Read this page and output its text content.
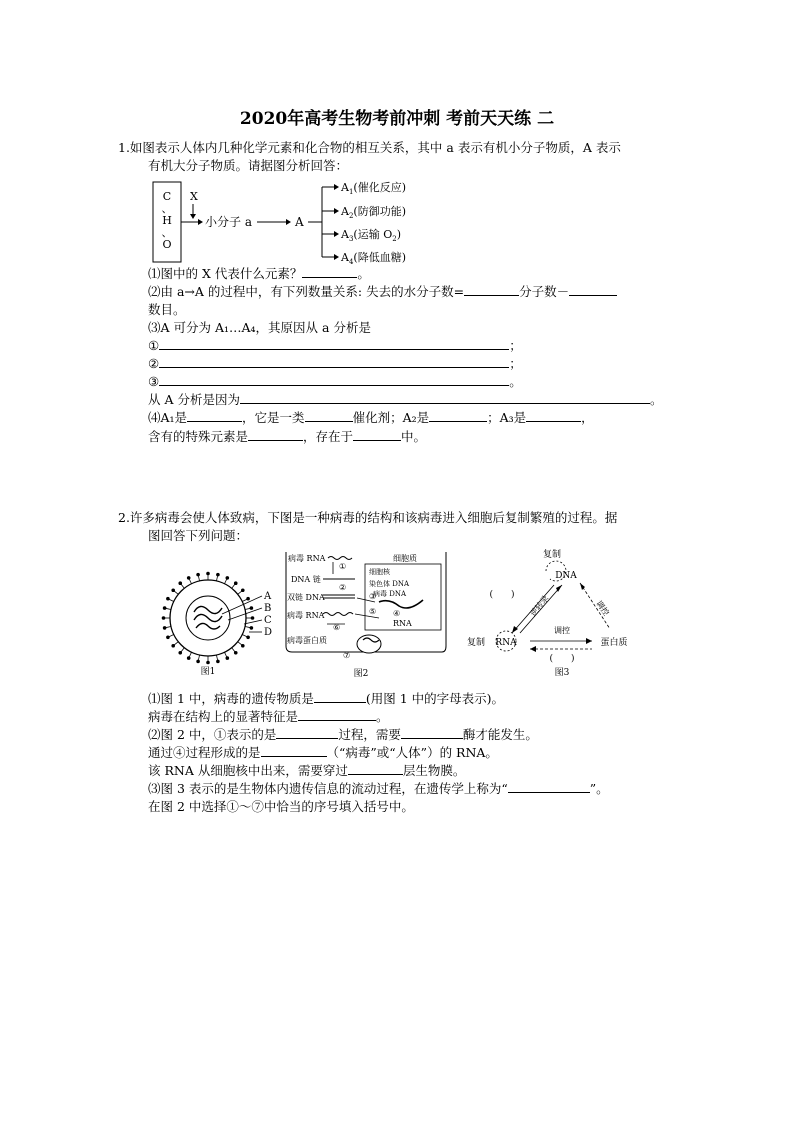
2020年高考生物考前冲刺 考前天天练 二
1.如图表示人体内几种化学元素和化合物的相互关系，其中 a 表示有机小分子物质，A 表示
有机大分子物质。请据图分析回答：
C
、
H
、
O
X
小分子 a	A
$A_1$(催化反应)
$A_2$(防御功能)
$A_3$(运输 $O_2$)
$A_4$(降低血糖)
⑴图中的 X 代表什么元素？	。
⑵由 a→A 的过程中，有下列数量关系: 失去的水分子数=	分子数－
数目。
⑶A 可分为 A₁…A₄，其原因从 a 分析是
①	；
②	；
③	。
从 A 分析是因为	。
⑷A₁是	，它是一类	催化剂；A₂是	；A₃是	，
含有的特殊元素是	，存在于	中。
2.许多病毒会使人体致病，下图是一种病毒的结构和该病毒进入细胞后复制繁殖的过程。据
图回答下列问题：
A
B
C
D
图1
细胞质
细胞核
病毒 RNA
①
DNA 链
②
双链 DNA
染色体 DNA
病毒 DNA
③
④
RNA
病毒 RNA	⑤
⑥
病毒蛋白质
⑦
图2
复制
DNA
(　　) 逆转录	调控
复制 RNA
调控
蛋白质
(　　)
图3
⑴图 1 中，病毒的遗传物质是	(用图 1 中的字母表示)。
病毒在结构上的显著特征是	。
⑵图 2 中，①表示的是	过程，需要	酶才能发生。
通过④过程形成的是	（“病毒”或“人体”）的 RNA。
该 RNA 从细胞核中出来，需要穿过	层生物膜。
⑶图 3 表示的是生物体内遗传信息的流动过程，在遗传学上称为“	”。
在图 2 中选择①～⑦中恰当的序号填入括号中。
